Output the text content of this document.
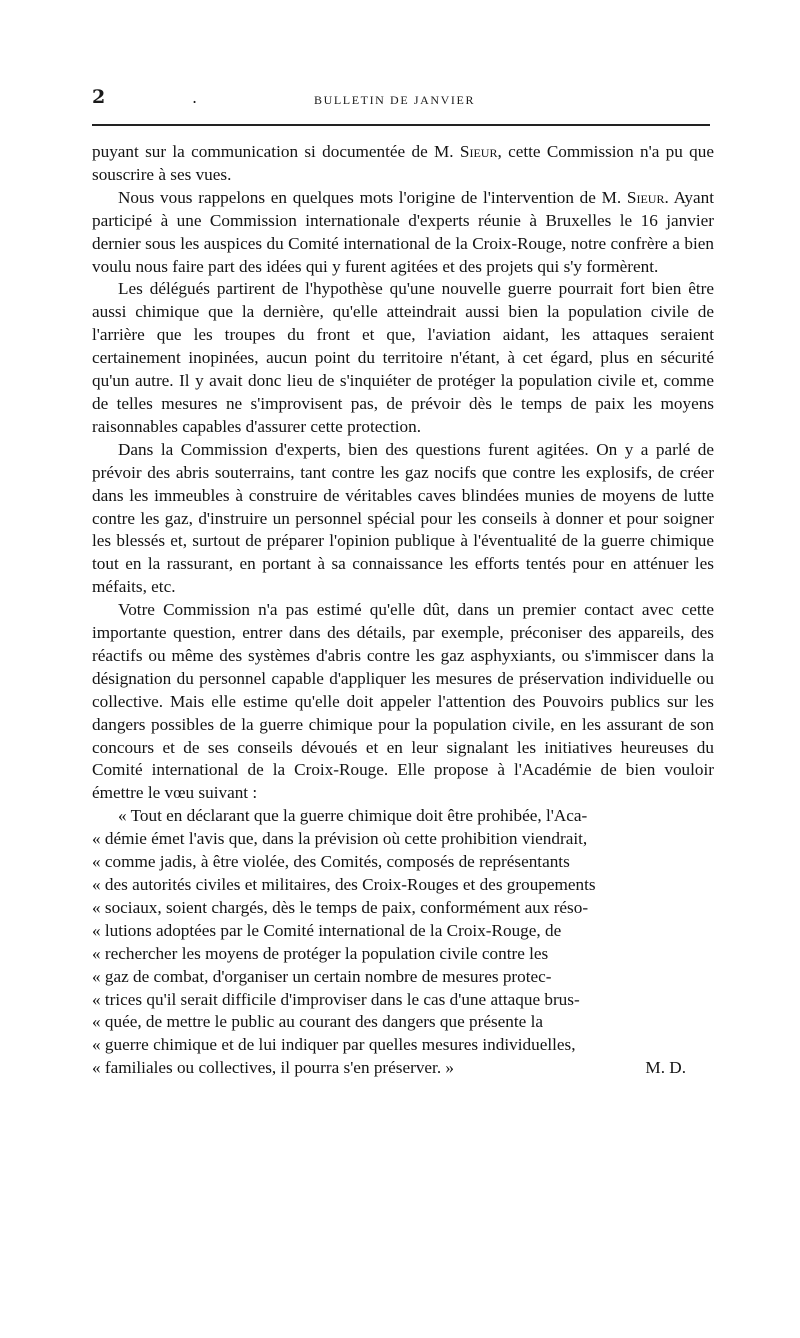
2	.	BULLETIN DE JANVIER

puyant sur la communication si documentée de M. Sieur, cette Commission n'a pu que souscrire à ses vues.

Nous vous rappelons en quelques mots l'origine de l'intervention de M. Sieur. Ayant participé à une Commission internationale d'experts réunie à Bruxelles le 16 janvier dernier sous les auspices du Comité international de la Croix-Rouge, notre confrère a bien voulu nous faire part des idées qui y furent agitées et des projets qui s'y formèrent.

Les délégués partirent de l'hypothèse qu'une nouvelle guerre pourrait fort bien être aussi chimique que la dernière, qu'elle atteindrait aussi bien la population civile de l'arrière que les troupes du front et que, l'aviation aidant, les attaques seraient certainement inopinées, aucun point du territoire n'étant, à cet égard, plus en sécurité qu'un autre. Il y avait donc lieu de s'inquiéter de protéger la population civile et, comme de telles mesures ne s'improvisent pas, de prévoir dès le temps de paix les moyens raisonnables capables d'assurer cette protection.

Dans la Commission d'experts, bien des questions furent agitées. On y a parlé de prévoir des abris souterrains, tant contre les gaz nocifs que contre les explosifs, de créer dans les immeubles à construire de véritables caves blindées munies de moyens de lutte contre les gaz, d'instruire un personnel spécial pour les conseils à donner et pour soigner les blessés et, surtout de préparer l'opinion publique à l'éventualité de la guerre chimique tout en la rassurant, en portant à sa connaissance les efforts tentés pour en atténuer les méfaits, etc.

Votre Commission n'a pas estimé qu'elle dût, dans un premier contact avec cette importante question, entrer dans des détails, par exemple, préconiser des appareils, des réactifs ou même des systèmes d'abris contre les gaz asphyxiants, ou s'immiscer dans la désignation du personnel capable d'appliquer les mesures de préservation individuelle ou collective. Mais elle estime qu'elle doit appeler l'attention des Pouvoirs publics sur les dangers possibles de la guerre chimique pour la population civile, en les assurant de son concours et de ses conseils dévoués et en leur signalant les initiatives heureuses du Comité international de la Croix-Rouge. Elle propose à l'Académie de bien vouloir émettre le vœu suivant :

« Tout en déclarant que la guerre chimique doit être prohibée, l'Aca-
« démie émet l'avis que, dans la prévision où cette prohibition viendrait,
« comme jadis, à être violée, des Comités, composés de représentants
« des autorités civiles et militaires, des Croix-Rouges et des groupements
« sociaux, soient chargés, dès le temps de paix, conformément aux réso-
« lutions adoptées par le Comité international de la Croix-Rouge, de
« rechercher les moyens de protéger la population civile contre les
« gaz de combat, d'organiser un certain nombre de mesures protec-
« trices qu'il serait difficile d'improviser dans le cas d'une attaque brus-
« quée, de mettre le public au courant des dangers que présente la
« guerre chimique et de lui indiquer par quelles mesures individuelles,
« familiales ou collectives, il pourra s'en préserver. »	M. D.
